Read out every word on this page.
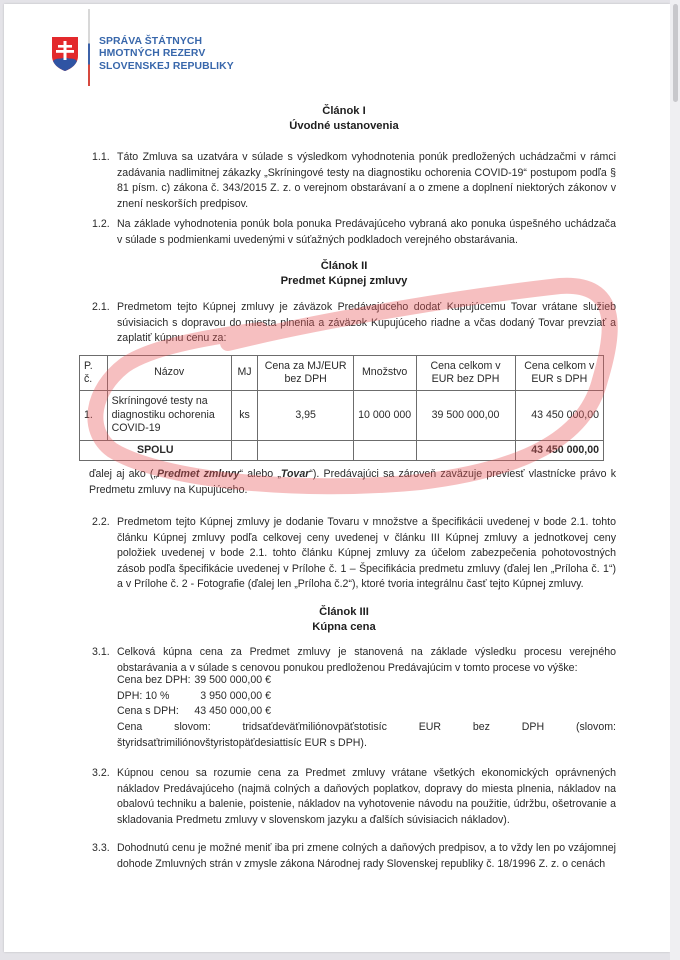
SPRÁVA ŠTÁTNYCH
HMOTNÝCH REZERV
SLOVENSKEJ REPUBLIKY
Článok I
Úvodné ustanovenia
1.1. Táto Zmluva sa uzatvára v súlade s výsledkom vyhodnotenia ponúk predložených uchádzačmi v rámci zadávania nadlimitnej zákazky „Skríningové testy na diagnostiku ochorenia COVID-19“ postupom podľa § 81 písm. c) zákona č. 343/2015 Z. z. o verejnom obstarávaní a o zmene a doplnení niektorých zákonov v znení neskorších predpisov.
1.2. Na základe vyhodnotenia ponúk bola ponuka Predávajúceho vybraná ako ponuka úspešného uchádzača v súlade s podmienkami uvedenými v súťažných podkladoch verejného obstarávania.
Článok II
Predmet Kúpnej zmluvy
2.1. Predmetom tejto Kúpnej zmluvy je záväzok Predávajúceho dodať Kupujúcemu Tovar vrátane služieb súvisiacich s dopravou do miesta plnenia a záväzok Kupujúceho riadne a včas dodaný Tovar prevziať a zaplatiť kúpnu cenu za:
P. č.	Názov	MJ	Cena za MJ/EUR bez DPH	Množstvo	Cena celkom v EUR bez DPH	Cena celkom v EUR s DPH
1.	Skríningové testy na diagnostiku ochorenia COVID-19	ks	3,95	10 000 000	39 500 000,00	43 450 000,00
SPOLU						43 450 000,00
ďalej aj ako („Predmet zmluvy“ alebo „Tovar“). Predávajúci sa zároveň zaväzuje previesť vlastnícke právo k Predmetu zmluvy na Kupujúceho.
2.2. Predmetom tejto Kúpnej zmluvy je dodanie Tovaru v množstve a špecifikácii uvedenej v bode 2.1. tohto článku Kúpnej zmluvy podľa celkovej ceny uvedenej v článku III Kúpnej zmluvy a jednotkovej ceny položiek uvedenej v bode 2.1. tohto článku Kúpnej zmluvy za účelom zabezpečenia pohotovostných zásob podľa špecifikácie uvedenej v Prílohe č. 1 – Špecifikácia predmetu zmluvy (ďalej len „Príloha č. 1“) a v Prílohe č. 2 - Fotografie (ďalej len „Príloha č.2“), ktoré tvoria integrálnu časť tejto Kúpnej zmluvy.
Článok III
Kúpna cena
3.1. Celková kúpna cena za Predmet zmluvy je stanovená na základe výsledku procesu verejného obstarávania a v súlade s cenovou ponukou predloženou Predávajúcim v tomto procese vo výške:
Cena bez DPH: 39 500 000,00 €
DPH: 10 %	3 950 000,00 €
Cena s DPH: 43 450 000,00 €
Cena slovom: tridsaťdeväťmiliónovpäťstotisíc EUR bez DPH (slovom: štyridsaťtrimiliónovštyristopäťdesiattisíc EUR s DPH).
3.2. Kúpnou cenou sa rozumie cena za Predmet zmluvy vrátane všetkých ekonomických oprávnených nákladov Predávajúceho (najmä colných a daňových poplatkov, dopravy do miesta plnenia, nákladov na obalovú techniku a balenie, poistenie, nákladov na vyhotovenie návodu na použitie, údržbu, ošetrovanie a skladovania Predmetu zmluvy v slovenskom jazyku a ďalších súvisiacich nákladov).
3.3. Dohodnutú cenu je možné meniť iba pri zmene colných a daňových predpisov, a to vždy len po vzájomnej dohode Zmluvných strán v zmysle zákona Národnej rady Slovenskej republiky č. 18/1996 Z. z. o cenách
